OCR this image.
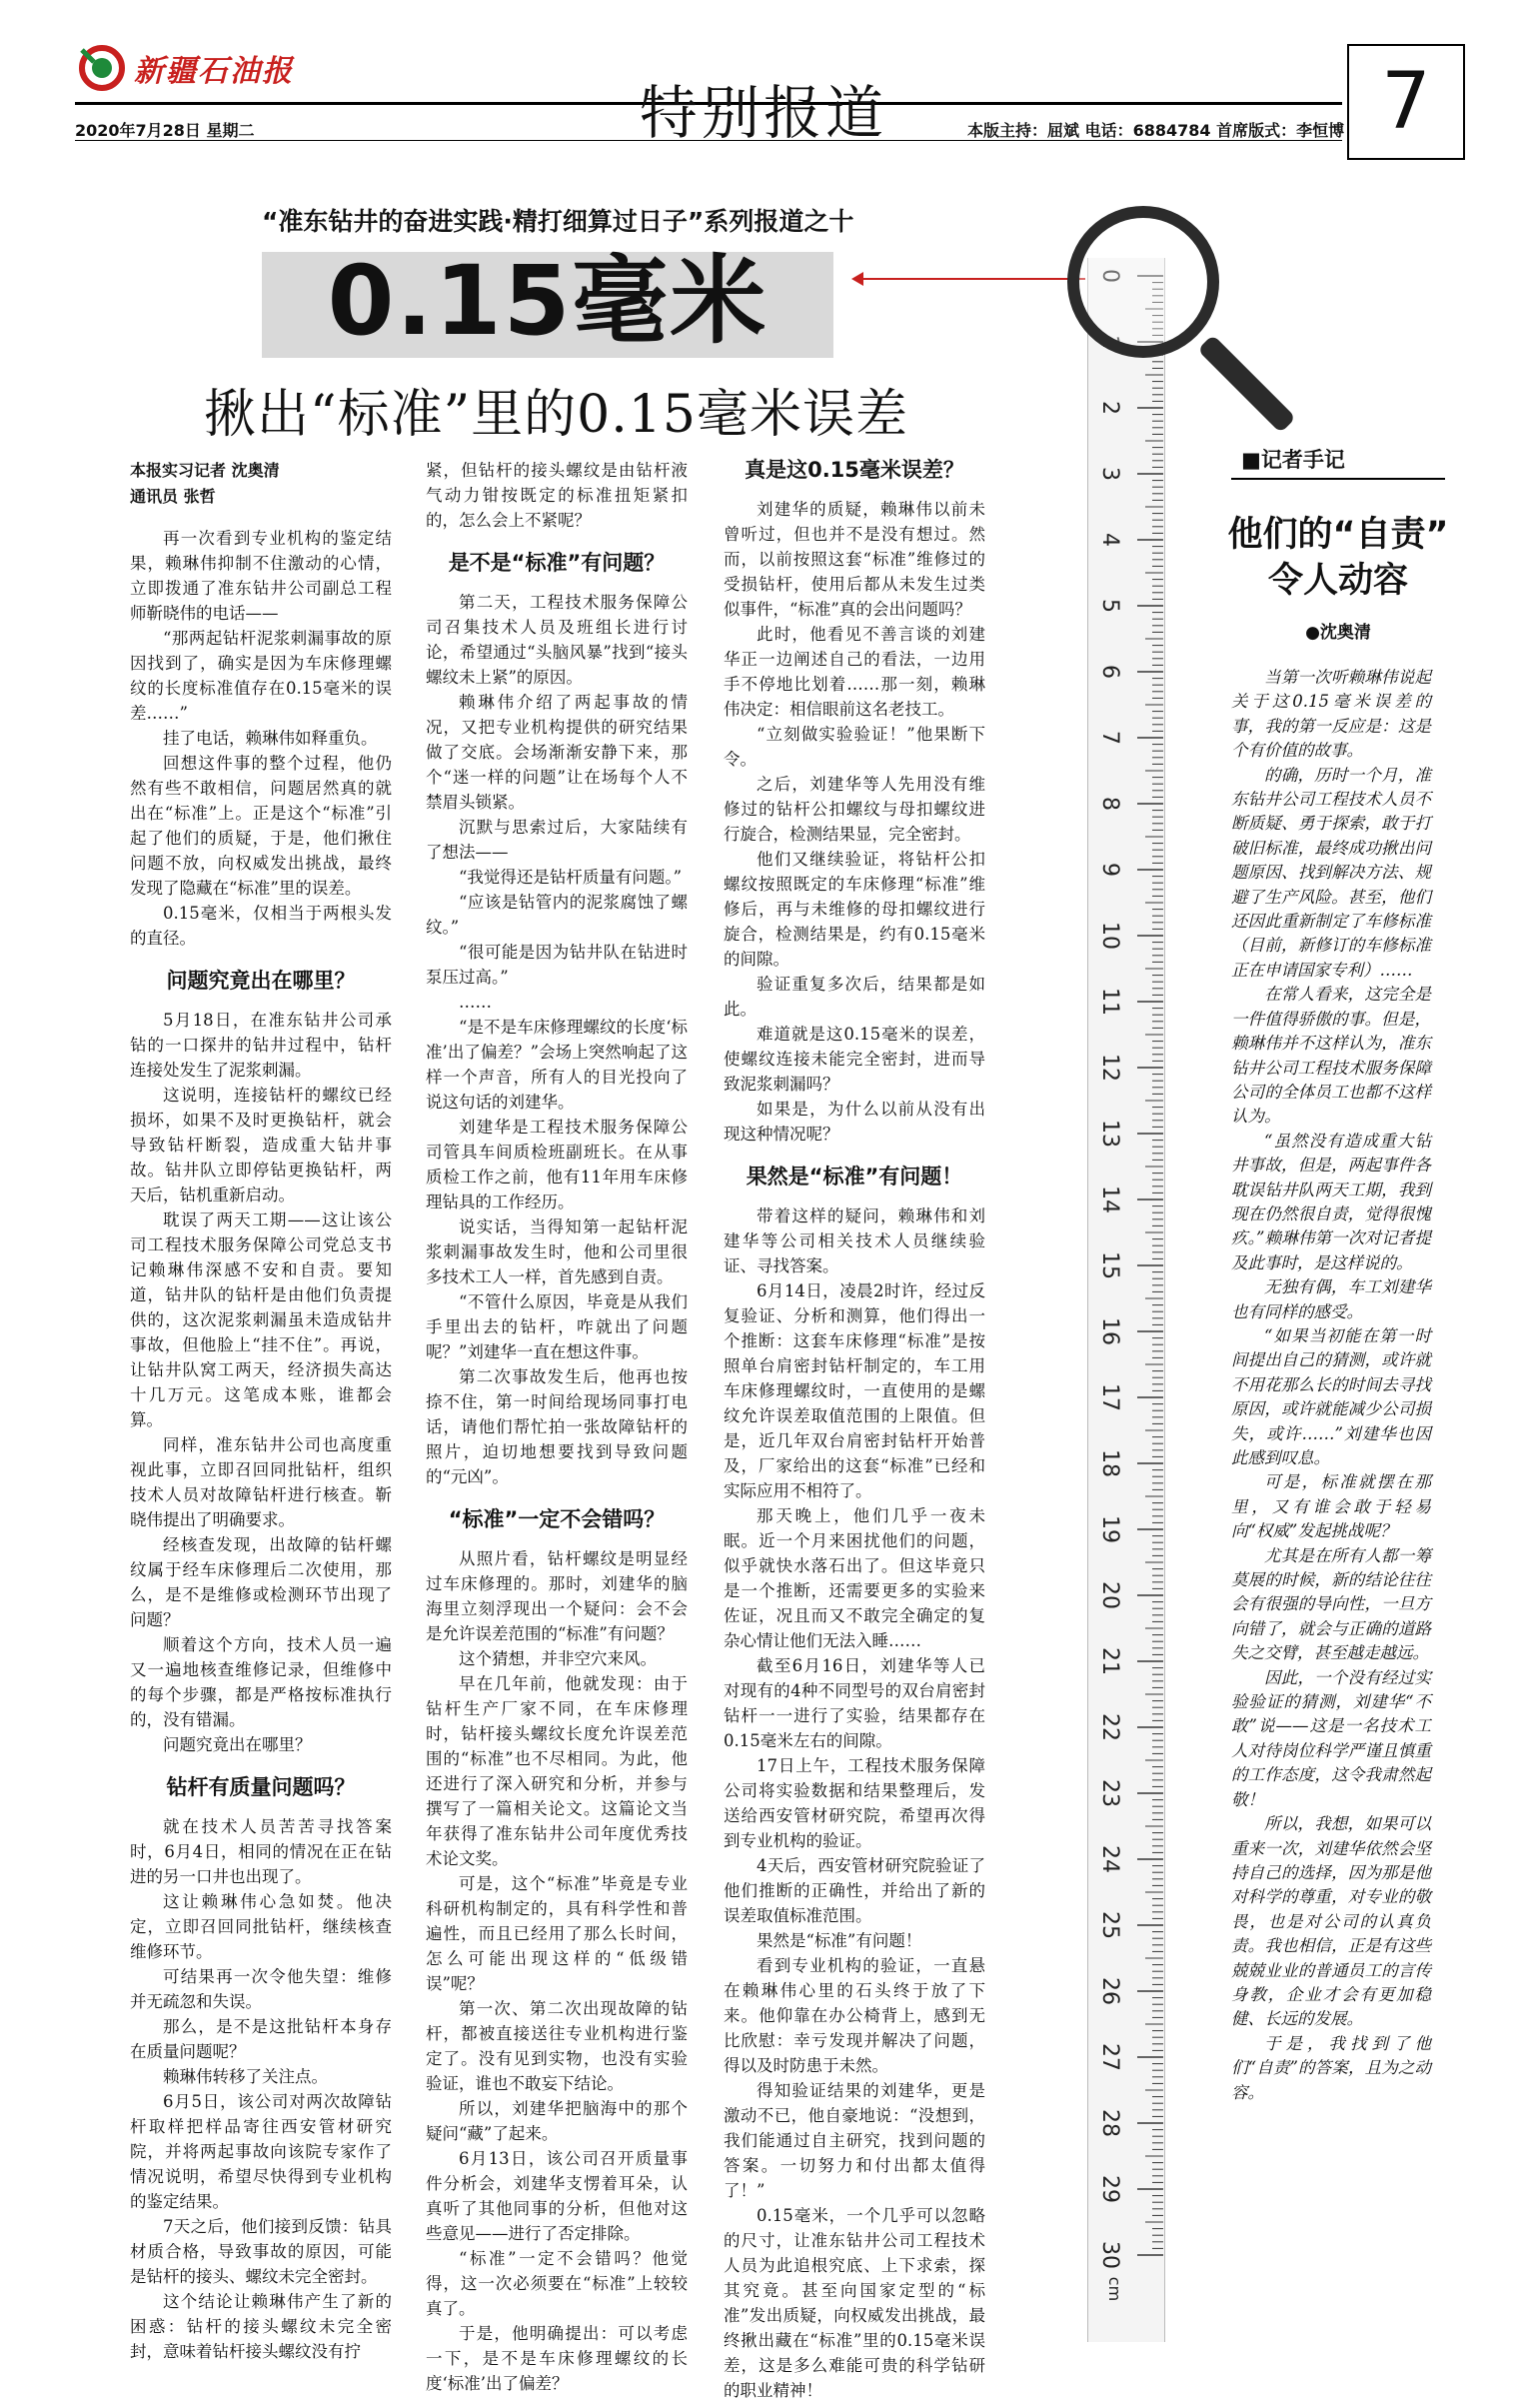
新疆石油报
2020年7月28日 星期二	特别报道	本版主持：屈斌 电话：6884784 首席版式：李恒博 7
“准东钻井的奋进实践·精打细算过日子”系列报道之十
0.15毫米
揪出“标准”里的0.15毫米误差
本报实习记者 沈奥清
通讯员 张哲

再一次看到专业机构的鉴定结果，赖琳伟抑制不住激动的心情，立即拨通了准东钻井公司副总工程师靳晓伟的电话——

“那两起钻杆泥浆刺漏事故的原因找到了，确实是因为车床修理螺纹的长度标准值存在0.15毫米的误差……”

挂了电话，赖琳伟如释重负。

回想这件事的整个过程，他仍然有些不敢相信，问题居然真的就出在“标准”上。正是这个“标准”引起了他们的质疑，于是，他们揪住问题不放，向权威发出挑战，最终发现了隐藏在“标准”里的误差。

0.15毫米，仅相当于两根头发的直径。

问题究竟出在哪里？

5月18日，在准东钻井公司承钻的一口探井的钻井过程中，钻杆连接处发生了泥浆刺漏。

这说明，连接钻杆的螺纹已经损坏，如果不及时更换钻杆，就会导致钻杆断裂，造成重大钻井事故。钻井队立即停钻更换钻杆，两天后，钻机重新启动。

耽误了两天工期——这让该公司工程技术服务保障公司党总支书记赖琳伟深感不安和自责。要知道，钻井队的钻杆是由他们负责提供的，这次泥浆刺漏虽未造成钻井事故，但他脸上“挂不住”。再说，让钻井队窝工两天，经济损失高达十几万元。这笔成本账，谁都会算。

同样，准东钻井公司也高度重视此事，立即召回同批钻杆，组织技术人员对故障钻杆进行核查。靳晓伟提出了明确要求。

经核查发现，出故障的钻杆螺纹属于经车床修理后二次使用，那么，是不是维修或检测环节出现了问题？

顺着这个方向，技术人员一遍又一遍地核查维修记录，但维修中的每个步骤，都是严格按标准执行的，没有错漏。

问题究竟出在哪里？

钻杆有质量问题吗？

就在技术人员苦苦寻找答案时，6月4日，相同的情况在正在钻进的另一口井也出现了。

这让赖琳伟心急如焚。他决定，立即召回同批钻杆，继续核查维修环节。

可结果再一次令他失望：维修并无疏忽和失误。

那么，是不是这批钻杆本身存在质量问题呢？

赖琳伟转移了关注点。

6月5日，该公司对两次故障钻杆取样把样品寄往西安管材研究院，并将两起事故向该院专家作了情况说明，希望尽快得到专业机构的鉴定结果。

7天之后，他们接到反馈：钻具材质合格，导致事故的原因，可能是钻杆的接头、螺纹未完全密封。

这个结论让赖琳伟产生了新的困惑：钻杆的接头螺纹未完全密封，意味着钻杆接头螺纹没有拧

紧，但钻杆的接头螺纹是由钻杆液气动力钳按既定的标准扭矩紧扣的，怎么会上不紧呢？

是不是“标准”有问题？

第二天，工程技术服务保障公司召集技术人员及班组长进行讨论，希望通过“头脑风暴”找到“接头螺纹未上紧”的原因。

赖琳伟介绍了两起事故的情况，又把专业机构提供的研究结果做了交底。会场渐渐安静下来，那个“迷一样的问题”让在场每个人不禁眉头锁紧。

沉默与思索过后，大家陆续有了想法——

“我觉得还是钻杆质量有问题。”

“应该是钻管内的泥浆腐蚀了螺纹。”

“很可能是因为钻井队在钻进时泵压过高。”

……

“是不是车床修理螺纹的长度‘标准’出了偏差？”会场上突然响起了这样一个声音，所有人的目光投向了说这句话的刘建华。

刘建华是工程技术服务保障公司管具车间质检班副班长。在从事质检工作之前，他有11年用车床修理钻具的工作经历。

说实话，当得知第一起钻杆泥浆刺漏事故发生时，他和公司里很多技术工人一样，首先感到自责。

“不管什么原因，毕竟是从我们手里出去的钻杆，咋就出了问题呢？”刘建华一直在想这件事。

第二次事故发生后，他再也按捺不住，第一时间给现场同事打电话，请他们帮忙拍一张故障钻杆的照片，迫切地想要找到导致问题的“元凶”。

“标准”一定不会错吗？

从照片看，钻杆螺纹是明显经过车床修理的。那时，刘建华的脑海里立刻浮现出一个疑问：会不会是允许误差范围的“标准”有问题？

这个猜想，并非空穴来风。

早在几年前，他就发现：由于钻杆生产厂家不同，在车床修理时，钻杆接头螺纹长度允许误差范围的“标准”也不尽相同。为此，他还进行了深入研究和分析，并参与撰写了一篇相关论文。这篇论文当年获得了准东钻井公司年度优秀技术论文奖。

可是，这个“标准”毕竟是专业科研机构制定的，具有科学性和普遍性，而且已经用了那么长时间，怎么可能出现这样的“低级错误”呢？

第一次、第二次出现故障的钻杆，都被直接送往专业机构进行鉴定了。没有见到实物，也没有实验验证，谁也不敢妄下结论。

所以，刘建华把脑海中的那个疑问“藏”了起来。

6月13日，该公司召开质量事件分析会，刘建华支愣着耳朵，认真听了其他同事的分析，但他对这些意见——进行了否定排除。

“标准”一定不会错吗？他觉得，这一次必须要在“标准”上较较真了。

于是，他明确提出：可以考虑一下，是不是车床修理螺纹的长度‘标准’出了偏差？

真是这0.15毫米误差？

刘建华的质疑，赖琳伟以前未曾听过，但也并不是没有想过。然而，以前按照这套“标准”维修过的受损钻杆，使用后都从未发生过类似事件，“标准”真的会出问题吗？

此时，他看见不善言谈的刘建华正一边阐述自己的看法，一边用手不停地比划着……那一刻，赖琳伟决定：相信眼前这名老技工。

“立刻做实验验证！”他果断下令。

之后，刘建华等人先用没有维修过的钻杆公扣螺纹与母扣螺纹进行旋合，检测结果显，完全密封。

他们又继续验证，将钻杆公扣螺纹按照既定的车床修理“标准”维修后，再与未维修的母扣螺纹进行旋合，检测结果是，约有0.15毫米的间隙。

验证重复多次后，结果都是如此。

难道就是这0.15毫米的误差，使螺纹连接未能完全密封，进而导致泥浆刺漏吗？

如果是，为什么以前从没有出现这种情况呢？

果然是“标准”有问题！

带着这样的疑问，赖琳伟和刘建华等公司相关技术人员继续验证、寻找答案。

6月14日，凌晨2时许，经过反复验证、分析和测算，他们得出一个推断：这套车床修理“标准”是按照单台肩密封钻杆制定的，车工用车床修理螺纹时，一直使用的是螺纹允许误差取值范围的上限值。但是，近几年双台肩密封钻杆开始普及，厂家给出的这套“标准”已经和实际应用不相符了。

那天晚上，他们几乎一夜未眠。近一个月来困扰他们的问题，似乎就快水落石出了。但这毕竟只是一个推断，还需要更多的实验来佐证，况且而又不敢完全确定的复杂心情让他们无法入睡……

截至6月16日，刘建华等人已对现有的4种不同型号的双台肩密封钻杆一一进行了实验，结果都存在0.15毫米左右的间隙。

17日上午，工程技术服务保障公司将实验数据和结果整理后，发送给西安管材研究院，希望再次得到专业机构的验证。

4天后，西安管材研究院验证了他们推断的正确性，并给出了新的误差取值标准范围。

果然是“标准”有问题！

看到专业机构的验证，一直悬在赖琳伟心里的石头终于放了下来。他仰靠在办公椅背上，感到无比欣慰：幸亏发现并解决了问题，得以及时防患于未然。

得知验证结果的刘建华，更是激动不已，他自豪地说：“没想到，我们能通过自主研究，找到问题的答案。一切努力和付出都太值得了！”

0.15毫米，一个几乎可以忽略的尺寸，让准东钻井公司工程技术人员为此追根究底、上下求索，探其究竟。甚至向国家定型的“标准”发出质疑，向权威发出挑战，最终揪出藏在“标准”里的0.15毫米误差，这是多么难能可贵的科学钻研的职业精神！

0
1
2
3
4
5
6
7
8
9
10
11
12
13
14
15
16
17
18
19
20
21
22
23
24
25
26
27
28
29
30
cm
■记者手记
他们的“自责”
令人动容
●沈奥清

当第一次听赖琳伟说起关于这0.15毫米误差的事，我的第一反应是：这是个有价值的故事。

的确，历时一个月，准东钻井公司工程技术人员不断质疑、勇于探索，敢于打破旧标准，最终成功揪出问题原因、找到解决方法、规避了生产风险。甚至，他们还因此重新制定了车修标准（目前，新修订的车修标准正在申请国家专利）……

在常人看来，这完全是一件值得骄傲的事。但是，赖琳伟并不这样认为，准东钻井公司工程技术服务保障公司的全体员工也都不这样认为。

“虽然没有造成重大钻井事故，但是，两起事件各耽误钻井队两天工期，我到现在仍然很自责，觉得很愧疚。”赖琳伟第一次对记者提及此事时，是这样说的。

无独有偶，车工刘建华也有同样的感受。

“如果当初能在第一时间提出自己的猜测，或许就不用花那么长的时间去寻找原因，或许就能减少公司损失，或许……”刘建华也因此感到叹息。

可是，标准就摆在那里，又有谁会敢于轻易向“权威”发起挑战呢？

尤其是在所有人都一筹莫展的时候，新的结论往往会有很强的导向性，一旦方向错了，就会与正确的道路失之交臂，甚至越走越远。

因此，一个没有经过实验验证的猜测，刘建华“不敢”说——这是一名技术工人对待岗位科学严谨且慎重的工作态度，这令我肃然起敬！

所以，我想，如果可以重来一次，刘建华依然会坚持自己的选择，因为那是他对科学的尊重，对专业的敬畏，也是对公司的认真负责。我也相信，正是有这些兢兢业业的普通员工的言传身教，企业才会有更加稳健、长远的发展。

于是，我找到了他们“自责”的答案，且为之动容。
